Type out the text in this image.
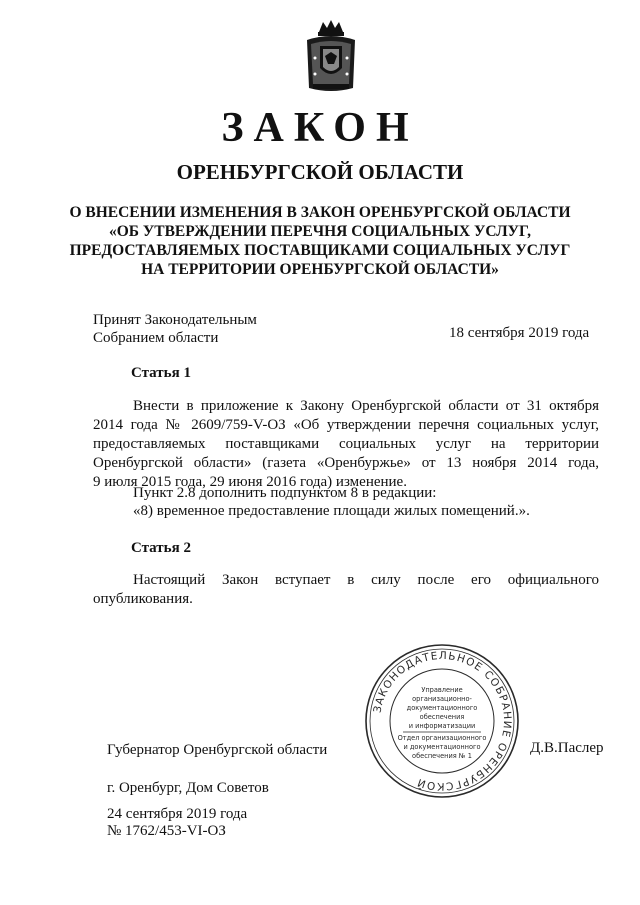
ЗАКОН
ОРЕНБУРГСКОЙ ОБЛАСТИ
О ВНЕСЕНИИ ИЗМЕНЕНИЯ В ЗАКОН ОРЕНБУРГСКОЙ ОБЛАСТИ
«ОБ УТВЕРЖДЕНИИ ПЕРЕЧНЯ СОЦИАЛЬНЫХ УСЛУГ,
ПРЕДОСТАВЛЯЕМЫХ ПОСТАВЩИКАМИ СОЦИАЛЬНЫХ УСЛУГ
НА ТЕРРИТОРИИ ОРЕНБУРГСКОЙ ОБЛАСТИ»
Принят Законодательным
Собранием области	18 сентября 2019 года
Статья 1
Внести в приложение к Закону Оренбургской области от 31 октября
2014 года № 2609/759-V-ОЗ «Об утверждении перечня социальных услуг,
предоставляемых поставщиками социальных услуг на территории
Оренбургской области» (газета «Оренбуржье» от 13 ноября 2014 года,
9 июля 2015 года, 29 июня 2016 года) изменение.
Пункт 2.8 дополнить подпунктом 8 в редакции:
«8) временное предоставление площади жилых помещений.».
Статья 2
Настоящий Закон вступает в силу после его официального
опубликования.
ЗАКОНОДАТЕЛЬНОЕ СОБРАНИЕ ОРЕНБУРГСКОЙ
Управление
организационно-
документационного
обеспечения
и информатизации
Отдел организационного
и документационного
обеспечения № 1
Губернатор Оренбургской области	Д.В.Паслер
г. Оренбург, Дом Советов
24 сентября 2019 года
№ 1762/453-VI-ОЗ
